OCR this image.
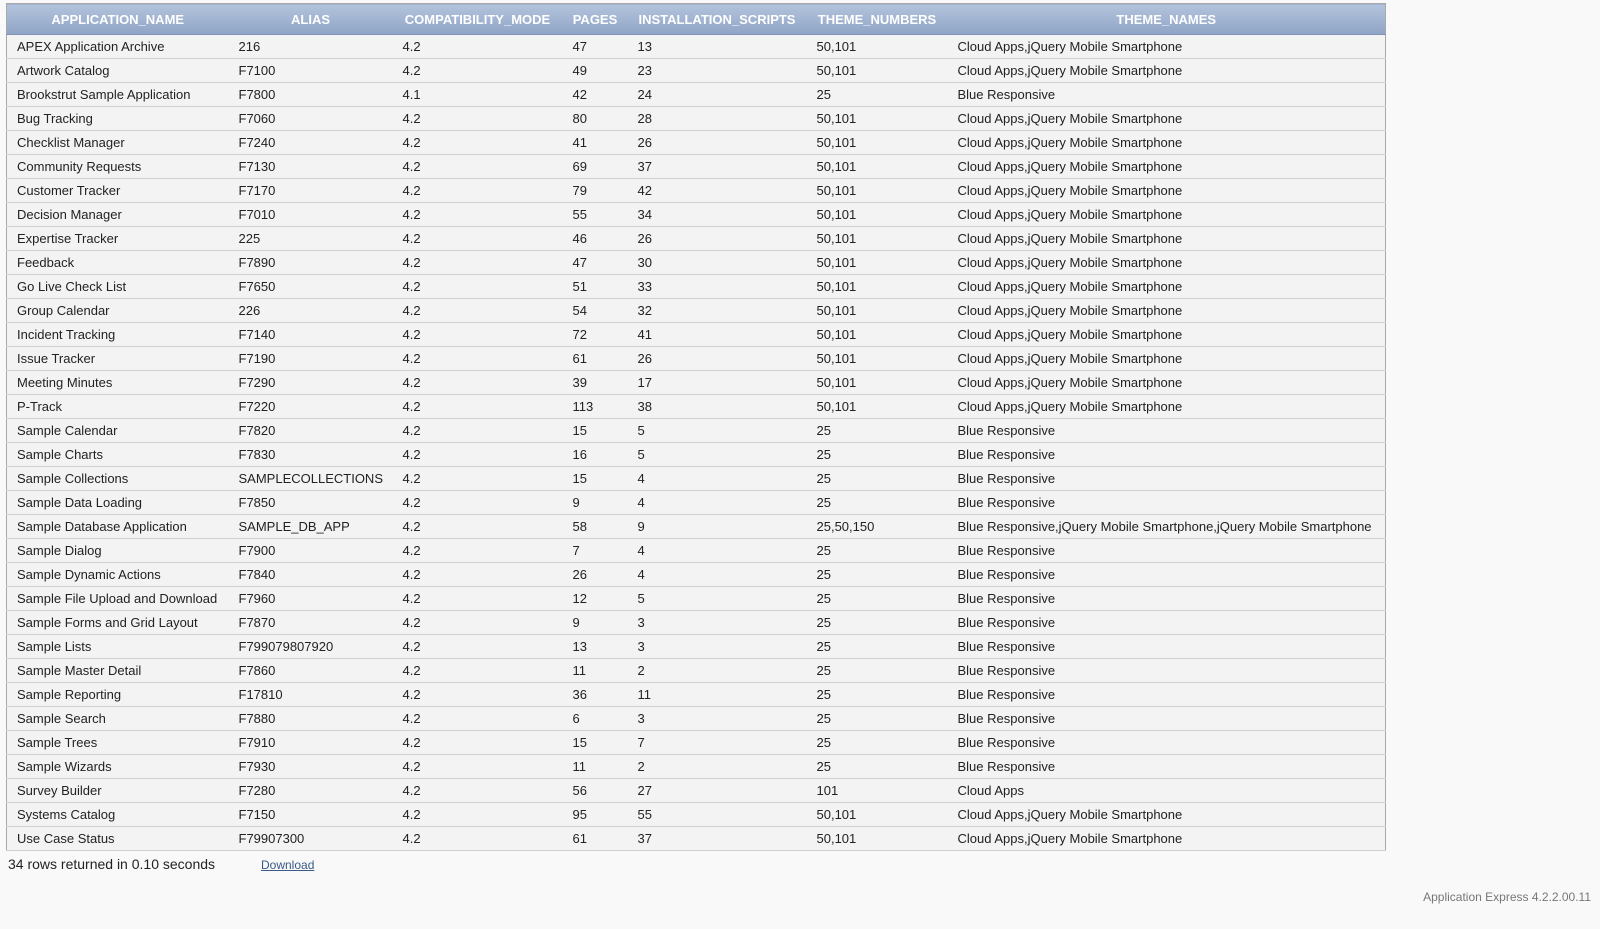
APPLICATION_NAME	ALIAS	COMPATIBILITY_MODE	PAGES	INSTALLATION_SCRIPTS	THEME_NUMBERS	THEME_NAMES
APEX Application Archive	216	4.2	47	13	50,101	Cloud Apps,jQuery Mobile Smartphone
Artwork Catalog	F7100	4.2	49	23	50,101	Cloud Apps,jQuery Mobile Smartphone
Brookstrut Sample Application	F7800	4.1	42	24	25	Blue Responsive
Bug Tracking	F7060	4.2	80	28	50,101	Cloud Apps,jQuery Mobile Smartphone
Checklist Manager	F7240	4.2	41	26	50,101	Cloud Apps,jQuery Mobile Smartphone
Community Requests	F7130	4.2	69	37	50,101	Cloud Apps,jQuery Mobile Smartphone
Customer Tracker	F7170	4.2	79	42	50,101	Cloud Apps,jQuery Mobile Smartphone
Decision Manager	F7010	4.2	55	34	50,101	Cloud Apps,jQuery Mobile Smartphone
Expertise Tracker	225	4.2	46	26	50,101	Cloud Apps,jQuery Mobile Smartphone
Feedback	F7890	4.2	47	30	50,101	Cloud Apps,jQuery Mobile Smartphone
Go Live Check List	F7650	4.2	51	33	50,101	Cloud Apps,jQuery Mobile Smartphone
Group Calendar	226	4.2	54	32	50,101	Cloud Apps,jQuery Mobile Smartphone
Incident Tracking	F7140	4.2	72	41	50,101	Cloud Apps,jQuery Mobile Smartphone
Issue Tracker	F7190	4.2	61	26	50,101	Cloud Apps,jQuery Mobile Smartphone
Meeting Minutes	F7290	4.2	39	17	50,101	Cloud Apps,jQuery Mobile Smartphone
P-Track	F7220	4.2	113	38	50,101	Cloud Apps,jQuery Mobile Smartphone
Sample Calendar	F7820	4.2	15	5	25	Blue Responsive
Sample Charts	F7830	4.2	16	5	25	Blue Responsive
Sample Collections	SAMPLECOLLECTIONS	4.2	15	4	25	Blue Responsive
Sample Data Loading	F7850	4.2	9	4	25	Blue Responsive
Sample Database Application	SAMPLE_DB_APP	4.2	58	9	25,50,150	Blue Responsive,jQuery Mobile Smartphone,jQuery Mobile Smartphone
Sample Dialog	F7900	4.2	7	4	25	Blue Responsive
Sample Dynamic Actions	F7840	4.2	26	4	25	Blue Responsive
Sample File Upload and Download	F7960	4.2	12	5	25	Blue Responsive
Sample Forms and Grid Layout	F7870	4.2	9	3	25	Blue Responsive
Sample Lists	F799079807920	4.2	13	3	25	Blue Responsive
Sample Master Detail	F7860	4.2	11	2	25	Blue Responsive
Sample Reporting	F17810	4.2	36	11	25	Blue Responsive
Sample Search	F7880	4.2	6	3	25	Blue Responsive
Sample Trees	F7910	4.2	15	7	25	Blue Responsive
Sample Wizards	F7930	4.2	11	2	25	Blue Responsive
Survey Builder	F7280	4.2	56	27	101	Cloud Apps
Systems Catalog	F7150	4.2	95	55	50,101	Cloud Apps,jQuery Mobile Smartphone
Use Case Status	F79907300	4.2	61	37	50,101	Cloud Apps,jQuery Mobile Smartphone
34 rows returned in 0.10 seconds	Download
Application Express 4.2.2.00.11
